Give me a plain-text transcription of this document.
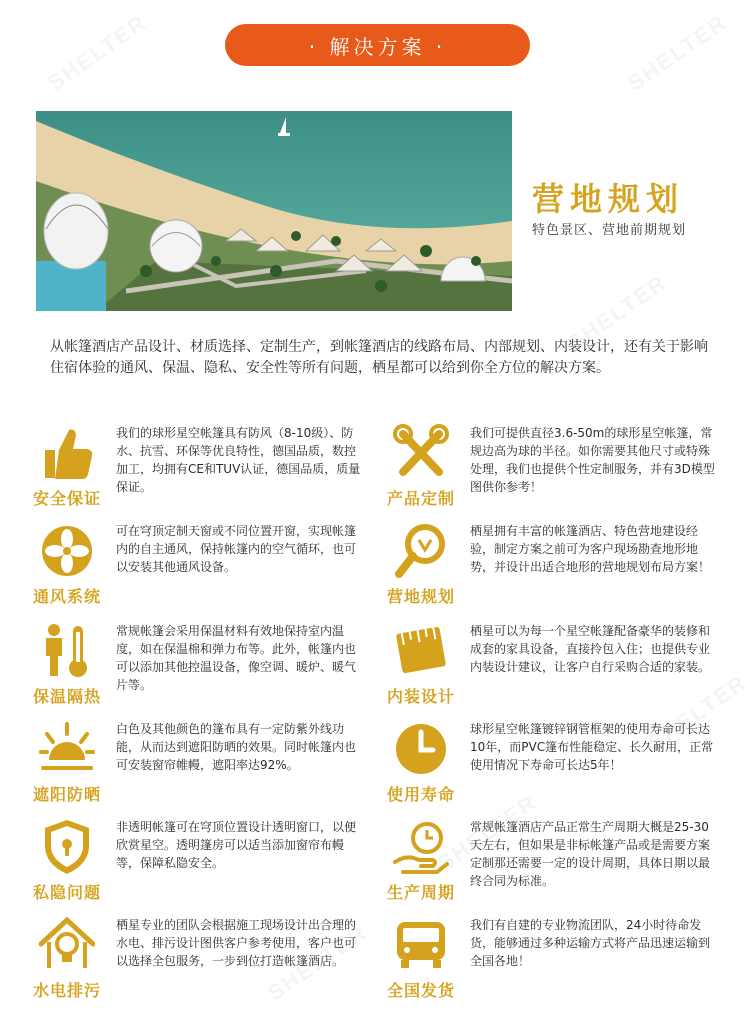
· 解决方案 ·
营地规划
特色景区、营地前期规划
从帐篷酒店产品设计、材质选择、定制生产，到帐篷酒店的线路布局、内部规划、内装设计，还有关于影响住宿体验的通风、保温、隐私、安全性等所有问题，栖星都可以给到你全方位的解决方案。
安全保证
我们的球形星空帐篷具有防风（8-10级）、防水、抗雪、环保等优良特性，德国品质，数控加工，均拥有CE和TUV认证，德国品质，质量保证。
产品定制
我们可提供直径3.6-50m的球形星空帐篷，常规边高为球的半径。如你需要其他尺寸或特殊处理，我们也提供个性定制服务，并有3D模型图供你参考！
通风系统
可在穹顶定制天窗或不同位置开窗，实现帐篷内的自主通风，保持帐篷内的空气循环，也可以安装其他通风设备。
营地规划
栖星拥有丰富的帐篷酒店、特色营地建设经验，制定方案之前可为客户现场勘查地形地势，并设计出适合地形的营地规划布局方案！
保温隔热
常规帐篷会采用保温材料有效地保持室内温度，如在保温棉和弹力布等。此外，帐篷内也可以添加其他控温设备，像空调、暖炉、暖气片等。
内装设计
栖星可以为每一个星空帐篷配备豪华的装修和成套的家具设备，直接拎包入住；也提供专业内装设计建议，让客户自行采购合适的家装。
遮阳防晒
白色及其他颜色的篷布具有一定防紫外线功能，从而达到遮阳防晒的效果。同时帐篷内也可安装窗帘帷幔，遮阳率达92%。
使用寿命
球形星空帐篷镀锌钢管框架的使用寿命可长达10年，而PVC篷布性能稳定、长久耐用，正常使用情况下寿命可长达5年！
私隐问题
非透明帐篷可在穹顶位置设计透明窗口，以便欣赏星空。透明篷房可以适当添加窗帘布幔等，保障私隐安全。
生产周期
常规帐篷酒店产品正常生产周期大概是25-30天左右，但如果是非标帐篷产品或是需要方案定制那还需要一定的设计周期，具体日期以最终合同为标准。
水电排污
栖星专业的团队会根据施工现场设计出合理的水电、排污设计图供客户参考使用，客户也可以选择全包服务，一步到位打造帐篷酒店。
全国发货
我们有自建的专业物流团队，24小时待命发货，能够通过多种运输方式将产品迅速运输到全国各地！
